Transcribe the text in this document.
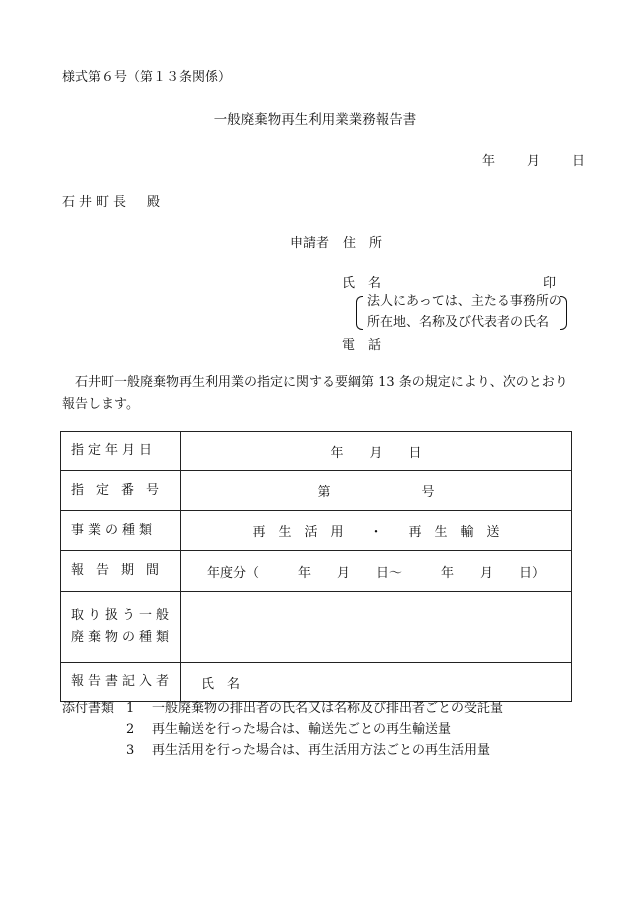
様式第６号（第１３条関係）
一般廃棄物再生利用業業務報告書
年 月 日
石井町長　殿
申請者 住　所
氏　名	印
法人にあっては、主たる事務所の
所在地、名称及び代表者の氏名
電　話
石井町一般廃棄物再生利用業の指定に関する要綱第 13 条の規定により、次のとおり報告します。
指定年月日	年　　月　　日
指定番号	第　　　　　　　号
事業の種類	再　生　活　用　　・　　再　生　輸　送
報告期間	年度分（　　　年　　月　　日〜　　　年　　月　　日）

取り扱う一般
廃棄物の種類	

報告書記入者	氏　名
添付書類 1 一般廃棄物の排出者の氏名又は名称及び排出者ごとの受託量
2 再生輸送を行った場合は、輸送先ごとの再生輸送量
3 再生活用を行った場合は、再生活用方法ごとの再生活用量
